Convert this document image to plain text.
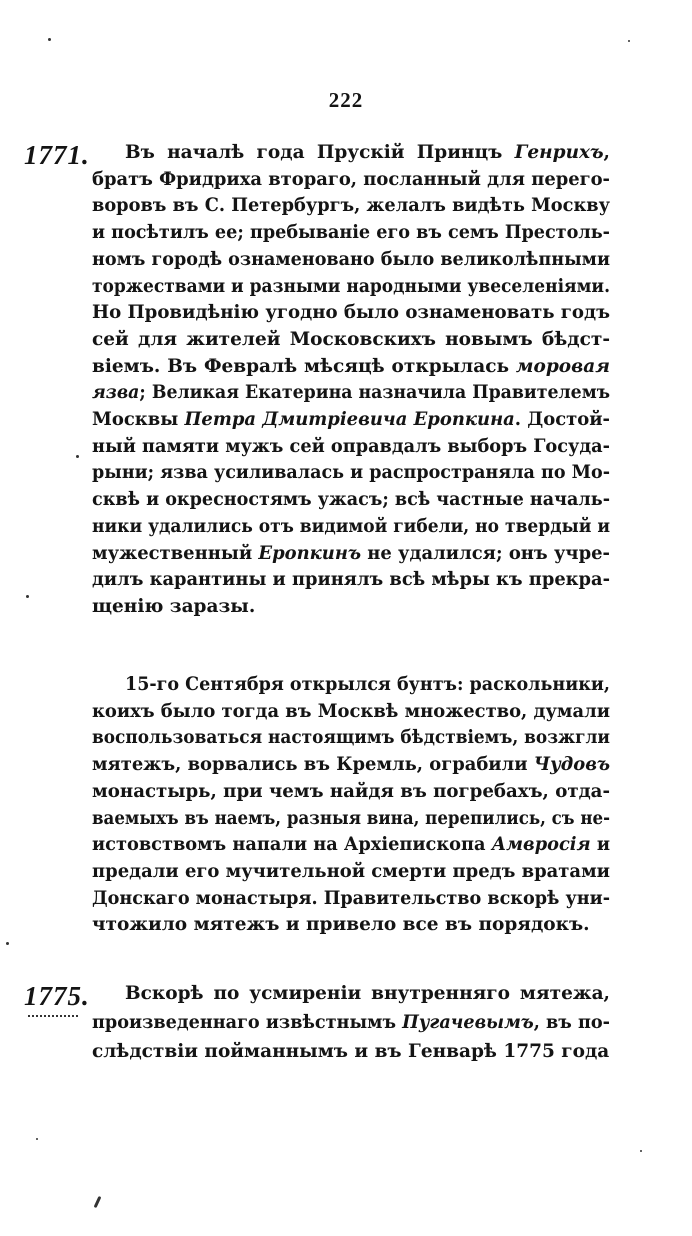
222
1771.
1775.
Въ началѣ года Прускій Принцъ Генрихъ,
братъ Фридриха втораго, посланный для перего-
воровъ въ С. Петербургъ, желалъ видѣть Москву
и посѣтилъ ее; пребываніе его въ семъ Престоль-
номъ городѣ ознаменовано было великолѣпными
торжествами и разными народными увеселеніями.
Но Провидѣнію угодно было ознаменовать годъ
сей для жителей Московскихъ новымъ бѣдст-
віемъ. Въ Февралѣ мѣсяцѣ открылась моровая
язва; Великая Екатерина назначила Правителемъ
Москвы Петра Дмитріевича Еропкина. Достой-
ный памяти мужъ сей оправдалъ выборъ Госуда-
рыни; язва усиливалась и распространяла по Мо-
сквѣ и окресностямъ ужасъ; всѣ частные началь-
ники удалились отъ видимой гибели, но твердый и
мужественный Еропкинъ не удалился; онъ учре-
дилъ карантины и принялъ всѣ мѣры къ прекра-
щенію заразы.
15-го Сентября открылся бунтъ: раскольники,
коихъ было тогда въ Москвѣ множество, думали
воспользоваться настоящимъ бѣдствіемъ, возжгли
мятежъ, ворвались въ Кремль, ограбили Чудовъ
монастырь, при чемъ найдя въ погребахъ, отда-
ваемыхъ въ наемъ, разныя вина, перепились, съ не-
истовствомъ напали на Архіепископа Амвросія и
предали его мучительной смерти предъ вратами
Донскаго монастыря. Правительство вскорѣ уни-
чтожило мятежъ и привело все въ порядокъ.
Вскорѣ по усмиреніи внутренняго мятежа,
произведеннаго извѣстнымъ Пугачевымъ, въ по-
слѣдствіи пойманнымъ и въ Генварѣ 1775 года
